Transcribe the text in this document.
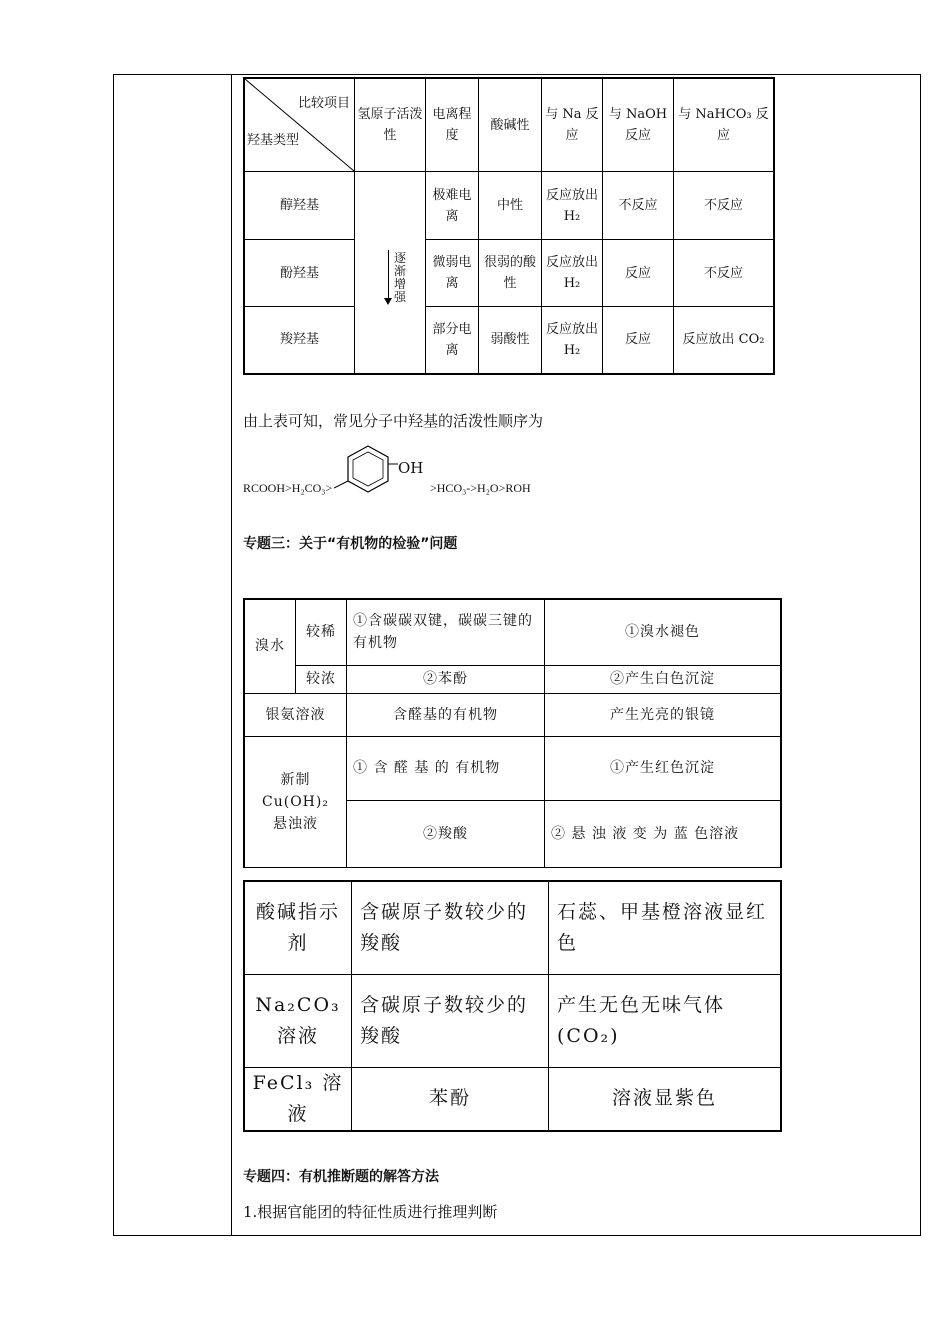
比较项目
羟基类型	氢原子活泼性	电离程度	酸碱性	与 Na 反应	与 NaOH 反应	与 NaHCO₃ 反应
醇羟基	逐渐增强	极难电离	中性	反应放出 H₂	不反应	不反应
酚羟基		微弱电离	很弱的酸性	反应放出 H₂	反应	不反应
羧羟基		部分电离	弱酸性	反应放出 H₂	反应	反应放出 CO₂
由上表可知，常见分子中羟基的活泼性顺序为
RCOOH>H₂CO₃>
OH
>HCO₃->H₂O>ROH
专题三：关于“有机物的检验”问题
溴水	较稀	①含碳碳双键，碳碳三键的有机物	①溴水褪色
	较浓	②苯酚	②产生白色沉淀
银氨溶液		含醛基的有机物	产生光亮的银镜
新制Cu(OH)₂悬浊液		① 含 醛 基 的 有机物	①产生红色沉淀
		②羧酸	② 悬 浊 液 变 为 蓝 色溶液
酸碱指示剂	含碳原子数较少的羧酸	石蕊、甲基橙溶液显红色
Na₂CO₃溶液	含碳原子数较少的羧酸	产生无色无味气体(CO₂)
FeCl₃ 溶液	苯酚	溶液显紫色
专题四：有机推断题的解答方法
1.根据官能团的特征性质进行推理判断
